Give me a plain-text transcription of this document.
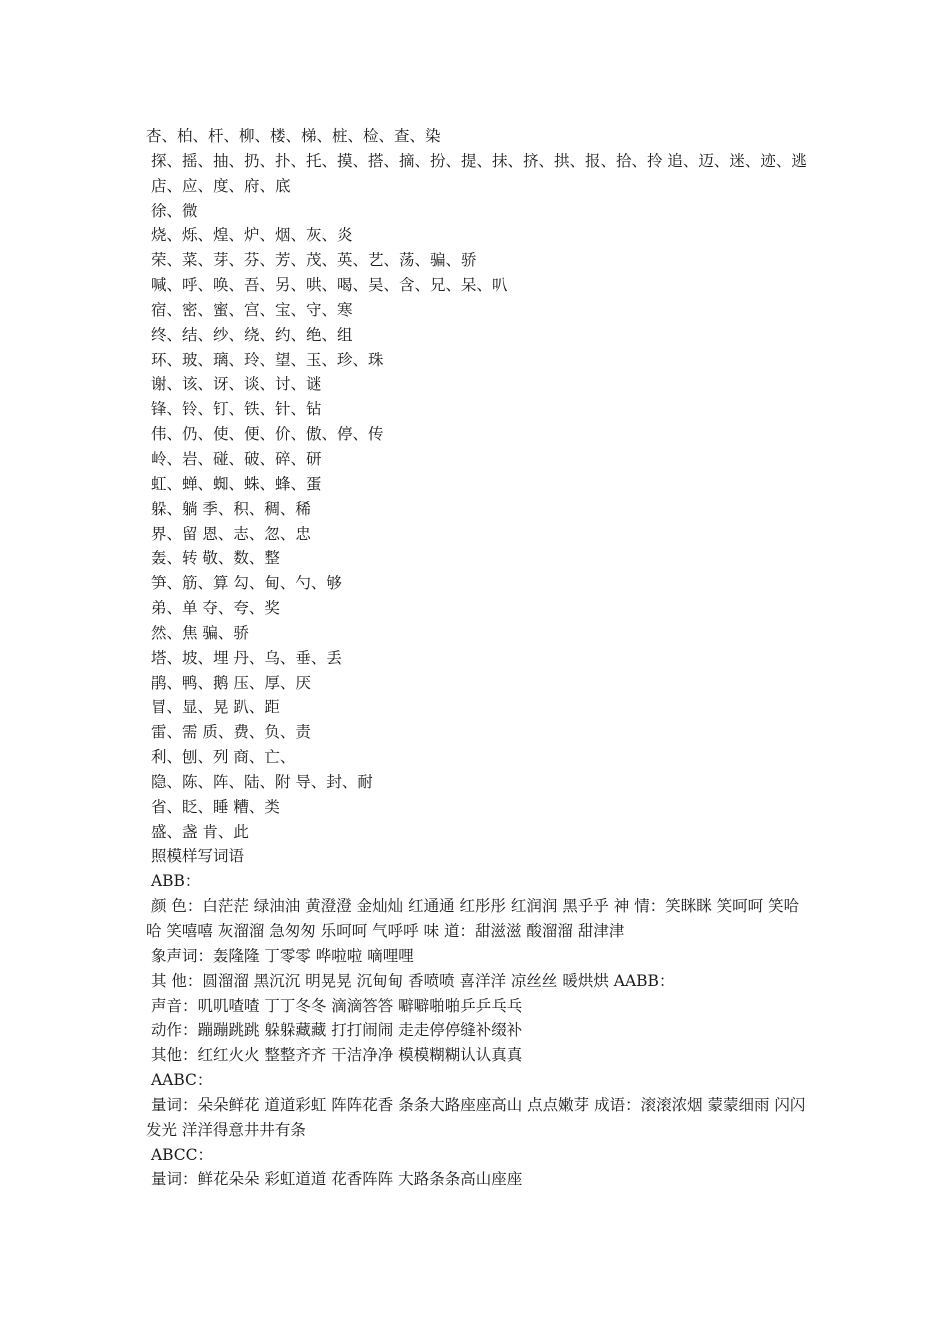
杏、柏、杆、柳、楼、梯、桩、检、查、染

探、摇、抽、扔、扑、托、摸、搭、摘、扮、提、抹、挤、拱、报、拾、拎 追、迈、迷、迹、逃

店、应、度、府、底

徐、微

烧、烁、煌、炉、烟、灰、炎

荣、菜、芽、芬、芳、茂、英、艺、荡、骗、骄

喊、呼、唤、吾、另、哄、喝、吴、含、兄、呆、叭

宿、密、蜜、宫、宝、守、寒

终、结、纱、绕、约、绝、组

环、玻、璃、玲、望、玉、珍、珠

谢、该、讶、谈、讨、谜

锋、铃、钉、铁、针、钻

伟、仍、使、便、价、傲、停、传

岭、岩、碰、破、碎、研

虹、蝉、蜘、蛛、蜂、蛋

躲、躺 季、积、稠、稀

界、留 恩、志、忽、忠

轰、转 敬、数、整

笋、筋、算 勾、甸、勺、够

弟、单 夺、夸、奖

然、焦 骗、骄

塔、坡、埋 丹、乌、垂、丢

鹃、鸭、鹅 压、厚、厌

冒、显、晃 趴、距

雷、需 质、费、负、责

利、刨、列 商、亡、

隐、陈、阵、陆、附 导、封、耐

省、眨、睡 糟、类

盛、盏 肯、此

照模样写词语

ABB：

颜 色：白茫茫 绿油油 黄澄澄 金灿灿 红通通 红彤彤 红润润 黑乎乎 神 情：笑眯眯 笑呵呵 笑哈哈 笑嘻嘻 灰溜溜 急匆匆 乐呵呵 气呼呼 味 道：甜滋滋 酸溜溜 甜津津

象声词：轰隆隆 丁零零 哗啦啦 嘀哩哩

其 他：圆溜溜 黑沉沉 明晃晃 沉甸甸 香喷喷 喜洋洋 凉丝丝 暖烘烘 AABB：

声音：叽叽喳喳 丁丁冬冬 滴滴答答 噼噼啪啪乒乒乓乓

动作：蹦蹦跳跳 躲躲藏藏 打打闹闹 走走停停缝补缀补

其他：红红火火 整整齐齐 干洁净净 模模糊糊认认真真

AABC：

量词：朵朵鲜花 道道彩虹 阵阵花香 条条大路座座高山 点点嫩芽 成语：滚滚浓烟 蒙蒙细雨 闪闪发光 洋洋得意井井有条

ABCC：

量词：鲜花朵朵 彩虹道道 花香阵阵 大路条条高山座座
